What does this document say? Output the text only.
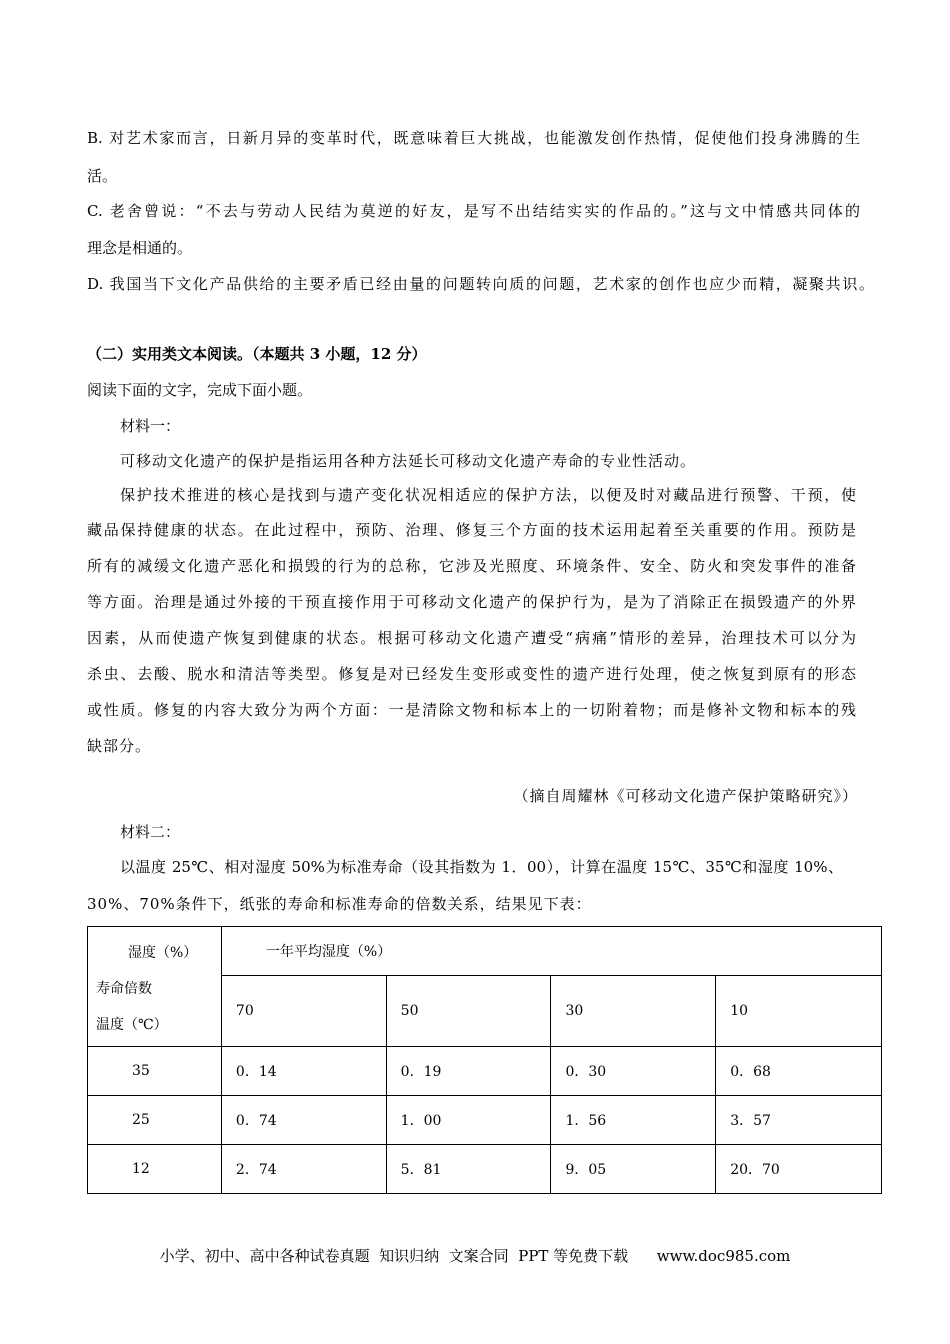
B. 对艺术家而言，日新月异的变革时代，既意味着巨大挑战，也能激发创作热情，促使他们投身沸腾的生
活。
C. 老舍曾说：“不去与劳动人民结为莫逆的好友，是写不出结结实实的作品的。”这与文中情感共同体的
理念是相通的。
D. 我国当下文化产品供给的主要矛盾已经由量的问题转向质的问题，艺术家的创作也应少而精，凝聚共识。
（二）实用类文本阅读。（本题共 3 小题，12 分）
阅读下面的文字，完成下面小题。
材料一：
可移动文化遗产的保护是指运用各种方法延长可移动文化遗产寿命的专业性活动。
保护技术推进的核心是找到与遗产变化状况相适应的保护方法，以便及时对藏品进行预警、干预，使
藏品保持健康的状态。在此过程中，预防、治理、修复三个方面的技术运用起着至关重要的作用。预防是
所有的减缓文化遗产恶化和损毁的行为的总称，它涉及光照度、环境条件、安全、防火和突发事件的准备
等方面。治理是通过外接的干预直接作用于可移动文化遗产的保护行为，是为了消除正在损毁遗产的外界
因素，从而使遗产恢复到健康的状态。根据可移动文化遗产遭受“病痛”情形的差异，治理技术可以分为
杀虫、去酸、脱水和清洁等类型。修复是对已经发生变形或变性的遗产进行处理，使之恢复到原有的形态
或性质。修复的内容大致分为两个方面：一是清除文物和标本上的一切附着物；而是修补文物和标本的残
缺部分。
（摘自周耀林《可移动文化遗产保护策略研究》）
材料二：
以温度 25℃、相对湿度 50%为标准寿命（设其指数为 1．00），计算在温度 15℃、35℃和湿度 10%、
30%、70%条件下，纸张的寿命和标准寿命的倍数关系，结果见下表：
湿度（%）
寿命倍数
温度（℃）	一年平均湿度（%）			
	70	50	30	10
35	0．14	0．19	0．30	0．68
25	0．74	1．00	1．56	3．57
12	2．74	5．81	9．05	20．70
小学、初中、高中各种试卷真题  知识归纳  文案合同  PPT 等免费下载      www.doc985.com
